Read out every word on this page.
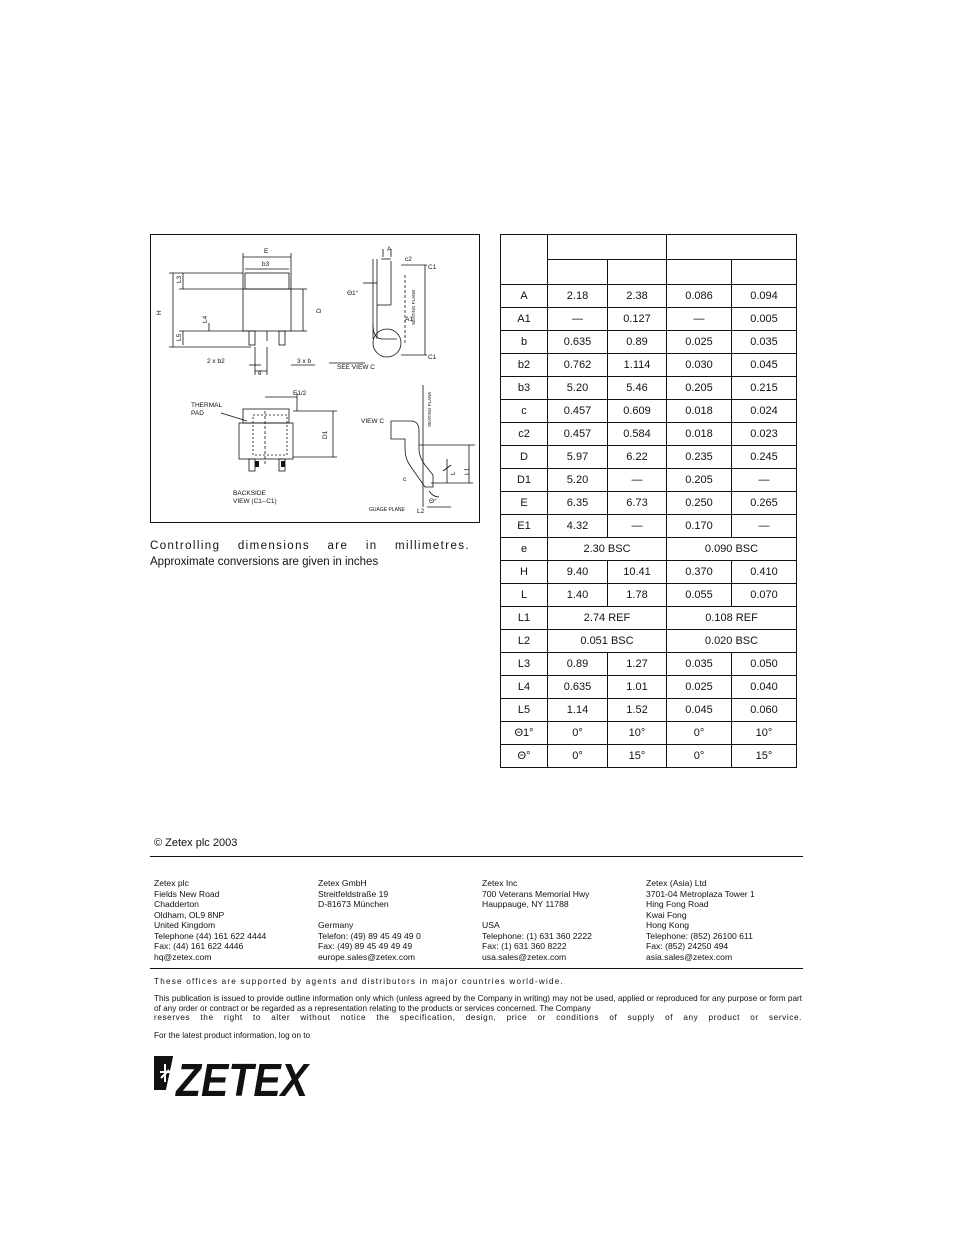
E
b3
L3
H	D
L4
L5
2 x b2	3 x b
e
A
c2
C1
C1
Θ1°	SEATING PLANE
A1
SEE VIEW C
THERMAL
PAD
E1/2
D1
BACKSIDE
VIEW (C1--C1)
VIEW C	SEATING PLANE
L L1
c
Θ°
GUAGE PLANE L2
Controlling dimensions are in millimetres.
Approximate conversions are given in inches

A	2.18	2.38	0.086	0.094
A1	—	0.127	—	0.005
b	0.635	0.89	0.025	0.035
b2	0.762	1.114	0.030	0.045
b3	5.20	5.46	0.205	0.215
c	0.457	0.609	0.018	0.024
c2	0.457	0.584	0.018	0.023
D	5.97	6.22	0.235	0.245
D1	5.20	—	0.205	—
E	6.35	6.73	0.250	0.265
E1	4.32	—	0.170	—
e	2.30 BSC		0.090 BSC	
H	9.40	10.41	0.370	0.410
L	1.40	1.78	0.055	0.070
L1	2.74 REF		0.108 REF	
L2	0.051 BSC		0.020 BSC	
L3	0.89	1.27	0.035	0.050
L4	0.635	1.01	0.025	0.040
L5	1.14	1.52	0.045	0.060
Θ1°	0°	10°	0°	10°
Θ°	0°	15°	0°	15°
© Zetex plc 2003
Zetex plc
Fields New Road
Chadderton
Oldham, OL9 8NP
United Kingdom
Telephone (44) 161 622 4444
Fax: (44) 161 622 4446
hq@zetex.com
Zetex GmbH
Streitfeldstraße 19
D-81673 München

Germany
Telefon: (49) 89 45 49 49 0
Fax: (49) 89 45 49 49 49
europe.sales@zetex.com
Zetex Inc
700 Veterans Memorial Hwy
Hauppauge, NY 11788

USA
Telephone: (1) 631 360 2222
Fax: (1) 631 360 8222
usa.sales@zetex.com
Zetex (Asia) Ltd
3701-04 Metroplaza Tower 1
Hing Fong Road
Kwai Fong
Hong Kong
Telephone: (852) 26100 611
Fax: (852) 24250 494
asia.sales@zetex.com
These offices are supported by agents and distributors in major countries world-wide.
This publication is issued to provide outline information only which (unless agreed by the Company in writing) may not be used, applied or reproduced for any purpose or form part of any order or contract or be regarded as a representation relating to the products or services concerned. The Company
reserves the right to alter without notice the specification, design, price or conditions of supply of any product or service.
For the latest product information, log on to
ZETEX
